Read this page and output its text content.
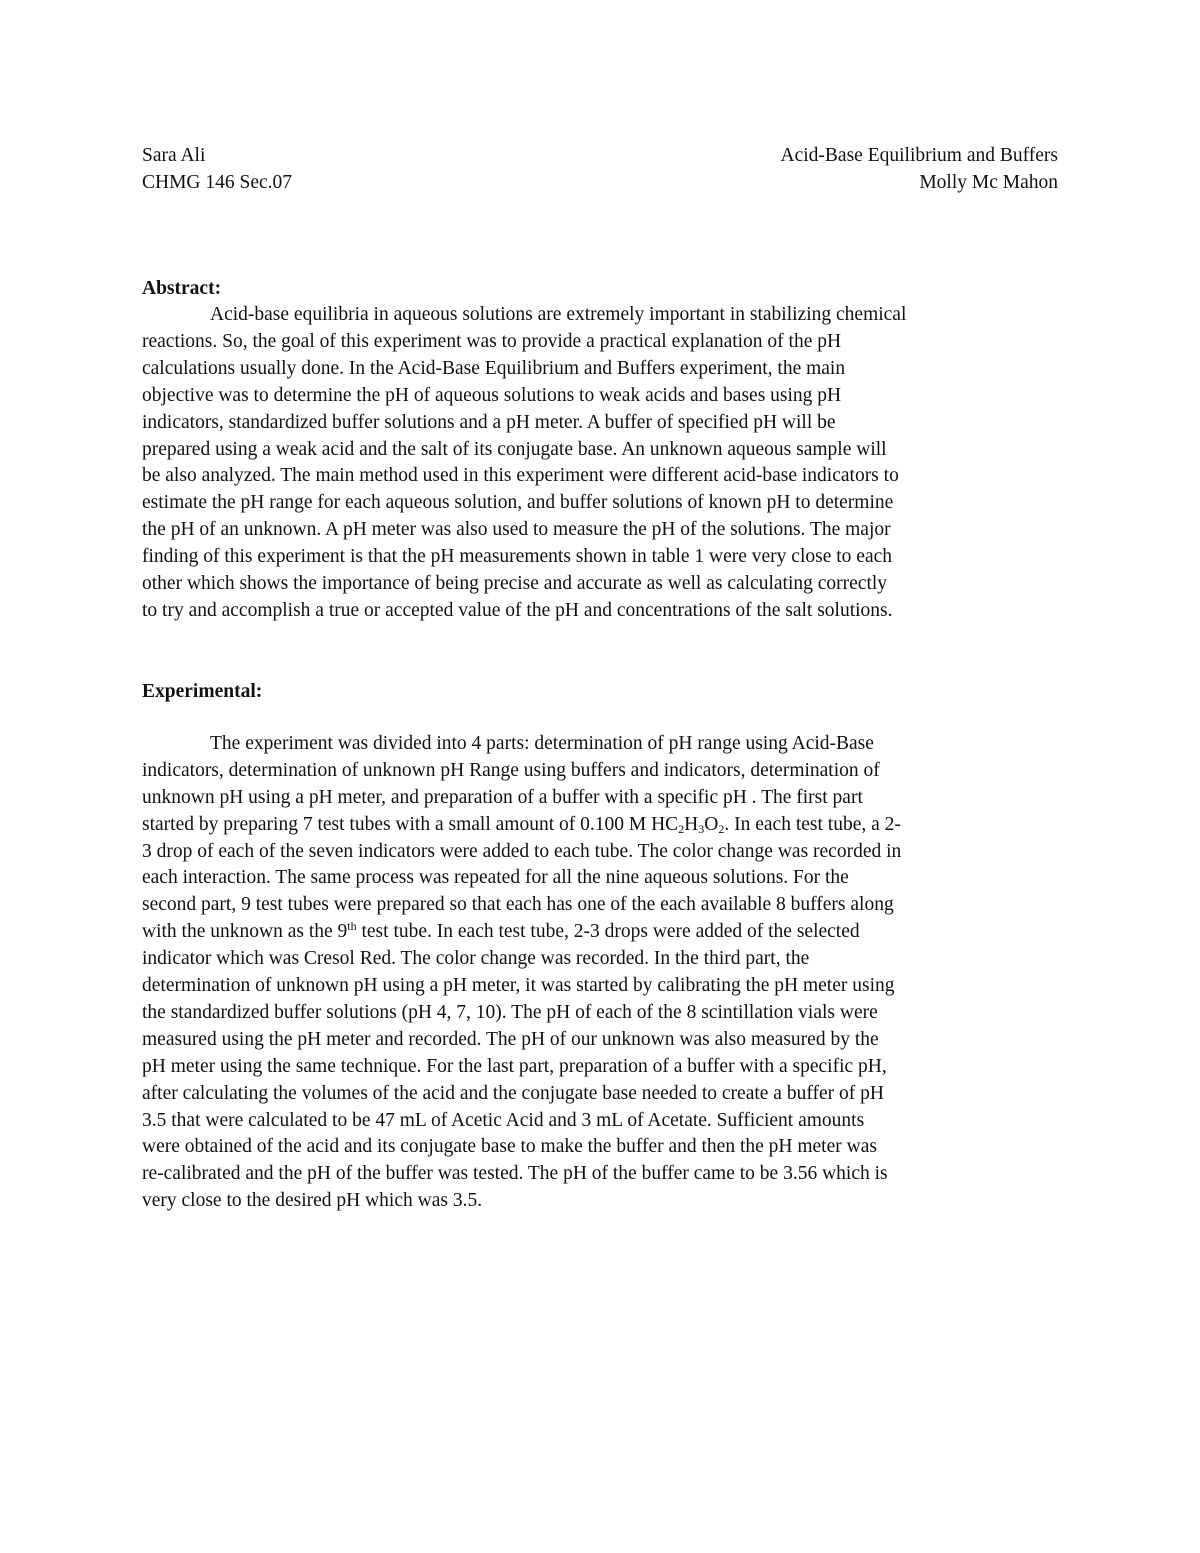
Sara Ali
CHMG 146 Sec.07
Acid-Base Equilibrium and Buffers
Molly Mc Mahon
Abstract:
Acid-base equilibria in aqueous solutions are extremely important in stabilizing chemical
reactions. So, the goal of this experiment was to provide a practical explanation of the pH
calculations usually done. In the Acid-Base Equilibrium and Buffers experiment, the main
objective was to determine the pH of aqueous solutions to weak acids and bases using pH
indicators, standardized buffer solutions and a pH meter. A buffer of specified pH will be
prepared using a weak acid and the salt of its conjugate base. An unknown aqueous sample will
be also analyzed. The main method used in this experiment were different acid-base indicators to
estimate the pH range for each aqueous solution, and buffer solutions of known pH to determine
the pH of an unknown. A pH meter was also used to measure the pH of the solutions. The major
finding of this experiment is that the pH measurements shown in table 1 were very close to each
other which shows the importance of being precise and accurate as well as calculating correctly
to try and accomplish a true or accepted value of the pH and concentrations of the salt solutions.
Experimental:
The experiment was divided into 4 parts: determination of pH range using Acid-Base
indicators, determination of unknown pH Range using buffers and indicators, determination of
unknown pH using a pH meter, and preparation of a buffer with a specific pH . The first part
started by preparing 7 test tubes with a small amount of 0.100 M $HC_2H_3O_2$. In each test tube, a 2-
3 drop of each of the seven indicators were added to each tube. The color change was recorded in
each interaction. The same process was repeated for all the nine aqueous solutions. For the
second part, 9 test tubes were prepared so that each has one of the each available 8 buffers along
with the unknown as the 9th test tube. In each test tube, 2-3 drops were added of the selected
indicator which was Cresol Red. The color change was recorded. In the third part, the
determination of unknown pH using a pH meter, it was started by calibrating the pH meter using
the standardized buffer solutions (pH 4, 7, 10). The pH of each of the 8 scintillation vials were
measured using the pH meter and recorded. The pH of our unknown was also measured by the
pH meter using the same technique. For the last part, preparation of a buffer with a specific pH,
after calculating the volumes of the acid and the conjugate base needed to create a buffer of pH
3.5 that were calculated to be 47 mL of Acetic Acid and 3 mL of Acetate. Sufficient amounts
were obtained of the acid and its conjugate base to make the buffer and then the pH meter was
re-calibrated and the pH of the buffer was tested. The pH of the buffer came to be 3.56 which is
very close to the desired pH which was 3.5.
